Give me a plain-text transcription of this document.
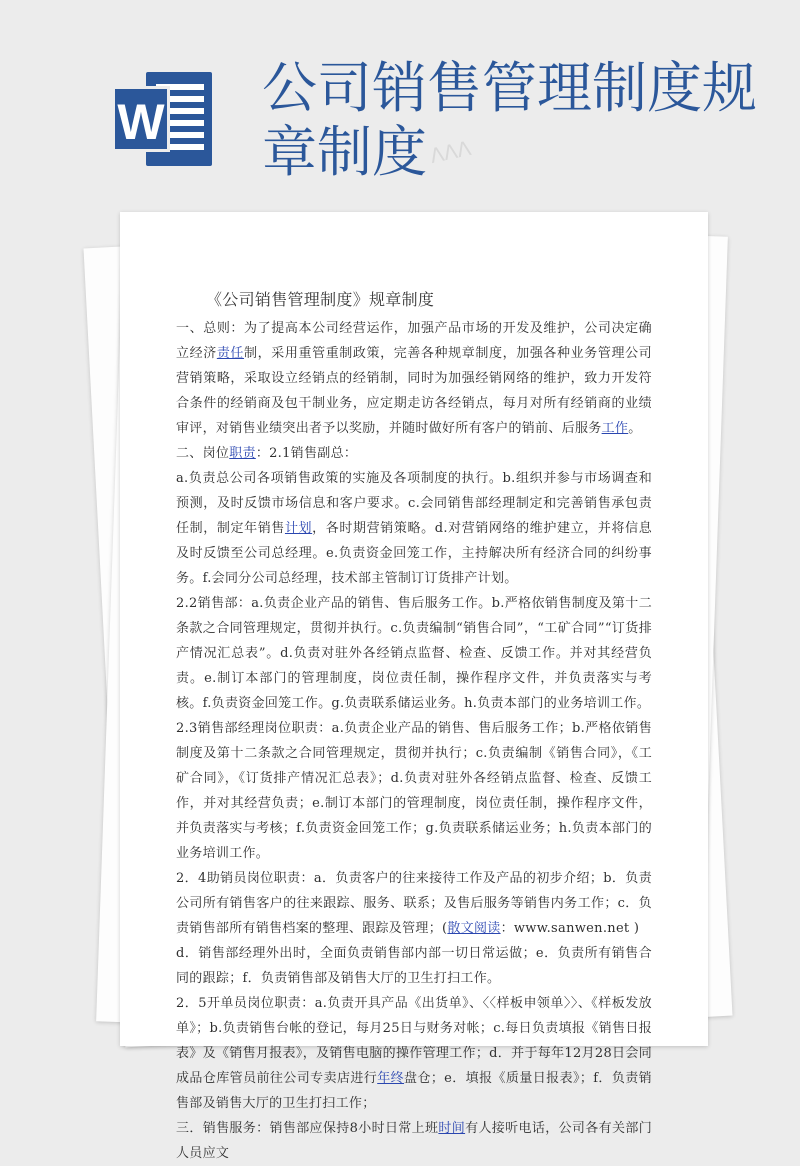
W
公司销售管理制度规章制度 ΛΛΛ
《公司销售管理制度》规章制度

一、总则：为了提高本公司经营运作，加强产品市场的开发及维护，公司决定确立经济责任制，采用重管重制政策，完善各种规章制度，加强各种业务管理公司营销策略，采取设立经销点的经销制，同时为加强经销网络的维护，致力开发符合条件的经销商及包干制业务，应定期走访各经销点，每月对所有经销商的业绩审评，对销售业绩突出者予以奖励，并随时做好所有客户的销前、后服务工作。

二、岗位职责：2.1销售副总：

a.负责总公司各项销售政策的实施及各项制度的执行。b.组织并参与市场调查和预测，及时反馈市场信息和客户要求。c.会同销售部经理制定和完善销售承包责任制，制定年销售计划，各时期营销策略。d.对营销网络的维护建立，并将信息及时反馈至公司总经理。e.负责资金回笼工作，主持解决所有经济合同的纠纷事务。f.会同分公司总经理，技术部主管制订订货排产计划。

2.2销售部：a.负责企业产品的销售、售后服务工作。b.严格依销售制度及第十二条款之合同管理规定，贯彻并执行。c.负责编制“销售合同”，“工矿合同”“订货排产情况汇总表”。d.负责对驻外各经销点监督、检查、反馈工作。并对其经营负责。e.制订本部门的管理制度，岗位责任制，操作程序文件，并负责落实与考核。f.负责资金回笼工作。g.负责联系储运业务。h.负责本部门的业务培训工作。

2.3销售部经理岗位职责：a.负责企业产品的销售、售后服务工作；b.严格依销售制度及第十二条款之合同管理规定，贯彻并执行；c.负责编制《销售合同》，《工矿合同》，《订货排产情况汇总表》；d.负责对驻外各经销点监督、检查、反馈工作，并对其经营负责；e.制订本部门的管理制度，岗位责任制，操作程序文件，并负责落实与考核；f.负责资金回笼工作；g.负责联系储运业务；h.负责本部门的业务培训工作。

2．4助销员岗位职责：a．负责客户的往来接待工作及产品的初步介绍；b．负责公司所有销售客户的往来跟踪、服务、联系；及售后服务等销售内务工作；c．负责销售部所有销售档案的整理、跟踪及管理；(散文阅读：www.sanwen.net )

d．销售部经理外出时，全面负责销售部内部一切日常运做；e．负责所有销售合同的跟踪；f．负责销售部及销售大厅的卫生打扫工作。

2．5开单员岗位职责：a.负责开具产品《出货单》、〈〈样板申领单〉〉、《样板发放单》；b.负责销售台帐的登记，每月25日与财务对帐；c.每日负责填报《销售日报表》及《销售月报表》，及销售电脑的操作管理工作；d．并于每年12月28日会同成品仓库管员前往公司专卖店进行年终盘仓；e．填报《质量日报表》；f．负责销售部及销售大厅的卫生打扫工作；

三．销售服务：销售部应保持8小时日常上班时间有人接听电话，公司各有关部门人员应文
